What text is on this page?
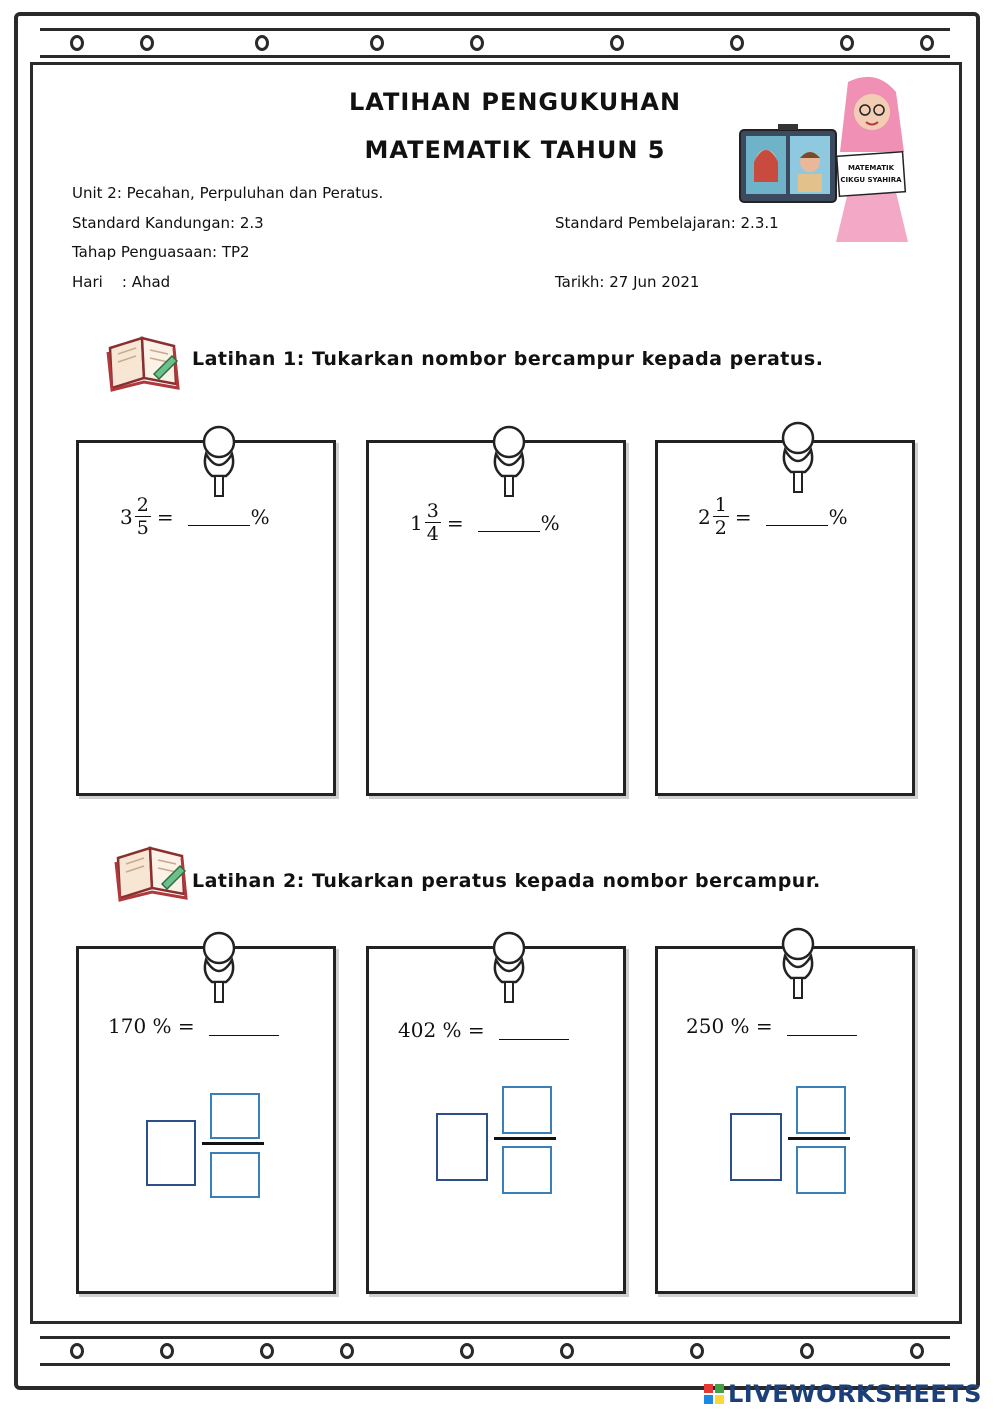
LATIHAN PENGUKUHAN
MATEMATIK TAHUN 5
Unit 2: Pecahan, Perpuluhan dan Peratus.
Standard Kandungan: 2.3	Standard Pembelajaran: 2.3.1
Tahap Penguasaan: TP2
Hari    : Ahad	Tarikh: 27 Jun 2021
MATEMATIK
CIKGU SYAHIRA
Latihan 1: Tukarkan nombor bercampur kepada peratus.
$3 \frac{2}{5}$ =	%	$1 \frac{3}{4}$ =	%	$2 \frac{1}{2}$ =	%
Latihan 2: Tukarkan peratus kepada nombor bercampur.
170 % =	402 % =	250 % =
LIVEWORKSHEETS
